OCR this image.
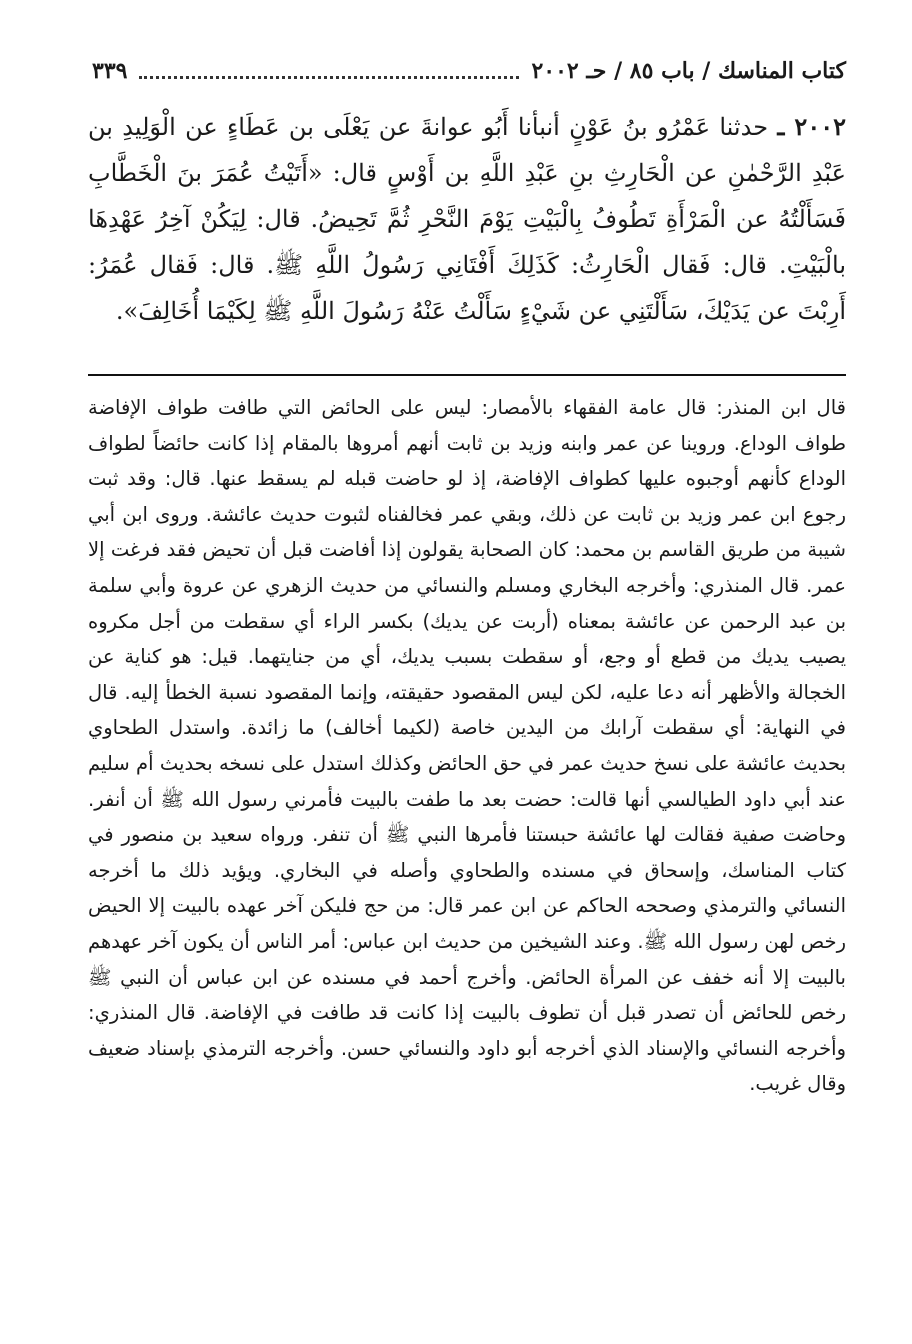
كتاب المناسك / باب ٨٥ / حـ ٢٠٠٢
٣٣٩
٢٠٠٢ ـ حدثنا عَمْرُو بنُ عَوْنٍ أنبأنا أَبُو عوانةَ عن يَعْلَى بن عَطَاءٍ عن الْوَلِيدِ بن عَبْدِ الرَّحْمٰنِ عن الْحَارِثِ بنِ عَبْدِ اللَّهِ بن أَوْسٍ قال: «أَتَيْتُ عُمَرَ بنَ الْخَطَّابِ فَسَأَلْتُهُ عن الْمَرْأَةِ تَطُوفُ بِالْبَيْتِ يَوْمَ النَّحْرِ ثُمَّ تَحِيضُ. قال: لِيَكُنْ آخِرُ عَهْدِهَا بالْبَيْتِ. قال: فَقال الْحَارِثُ: كَذَلِكَ أَفْتَانِي رَسُولُ اللَّهِ ﷺ. قال: فَقال عُمَرُ: أَرِبْتَ عن يَدَيْكَ، سَأَلْتَنِي عن شَيْءٍ سَأَلْتُ عَنْهُ رَسُولَ اللَّهِ ﷺ لِكَيْمَا أُخَالِفَ».
قال ابن المنذر: قال عامة الفقهاء بالأمصار: ليس على الحائض التي طافت طواف الإفاضة طواف الوداع. وروينا عن عمر وابنه وزيد بن ثابت أنهم أمروها بالمقام إذا كانت حائضاً لطواف الوداع كأنهم أوجبوه عليها كطواف الإفاضة، إذ لو حاضت قبله لم يسقط عنها. قال: وقد ثبت رجوع ابن عمر وزيد بن ثابت عن ذلك، وبقي عمر فخالفناه لثبوت حديث عائشة. وروى ابن أبي شيبة من طريق القاسم بن محمد: كان الصحابة يقولون إذا أفاضت قبل أن تحيض فقد فرغت إلا عمر. قال المنذري: وأخرجه البخاري ومسلم والنسائي من حديث الزهري عن عروة وأبي سلمة بن عبد الرحمن عن عائشة بمعناه (أربت عن يديك) بكسر الراء أي سقطت من أجل مكروه يصيب يديك من قطع أو وجع، أو سقطت بسبب يديك، أي من جنايتهما. قيل: هو كناية عن الخجالة والأظهر أنه دعا عليه، لكن ليس المقصود حقيقته، وإنما المقصود نسبة الخطأ إليه. قال في النهاية: أي سقطت آرابك من اليدين خاصة (لكيما أخالف) ما زائدة. واستدل الطحاوي بحديث عائشة على نسخ حديث عمر في حق الحائض وكذلك استدل على نسخه بحديث أم سليم عند أبي داود الطيالسي أنها قالت: حضت بعد ما طفت بالبيت فأمرني رسول الله ﷺ أن أنفر. وحاضت صفية فقالت لها عائشة حبستنا فأمرها النبي ﷺ أن تنفر. ورواه سعيد بن منصور في كتاب المناسك، وإسحاق في مسنده والطحاوي وأصله في البخاري. ويؤيد ذلك ما أخرجه النسائي والترمذي وصححه الحاكم عن ابن عمر قال: من حج فليكن آخر عهده بالبيت إلا الحيض رخص لهن رسول الله ﷺ. وعند الشيخين من حديث ابن عباس: أمر الناس أن يكون آخر عهدهم بالبيت إلا أنه خفف عن المرأة الحائض. وأخرج أحمد في مسنده عن ابن عباس أن النبي ﷺ رخص للحائض أن تصدر قبل أن تطوف بالبيت إذا كانت قد طافت في الإفاضة. قال المنذري: وأخرجه النسائي والإسناد الذي أخرجه أبو داود والنسائي حسن. وأخرجه الترمذي بإسناد ضعيف وقال غريب.
